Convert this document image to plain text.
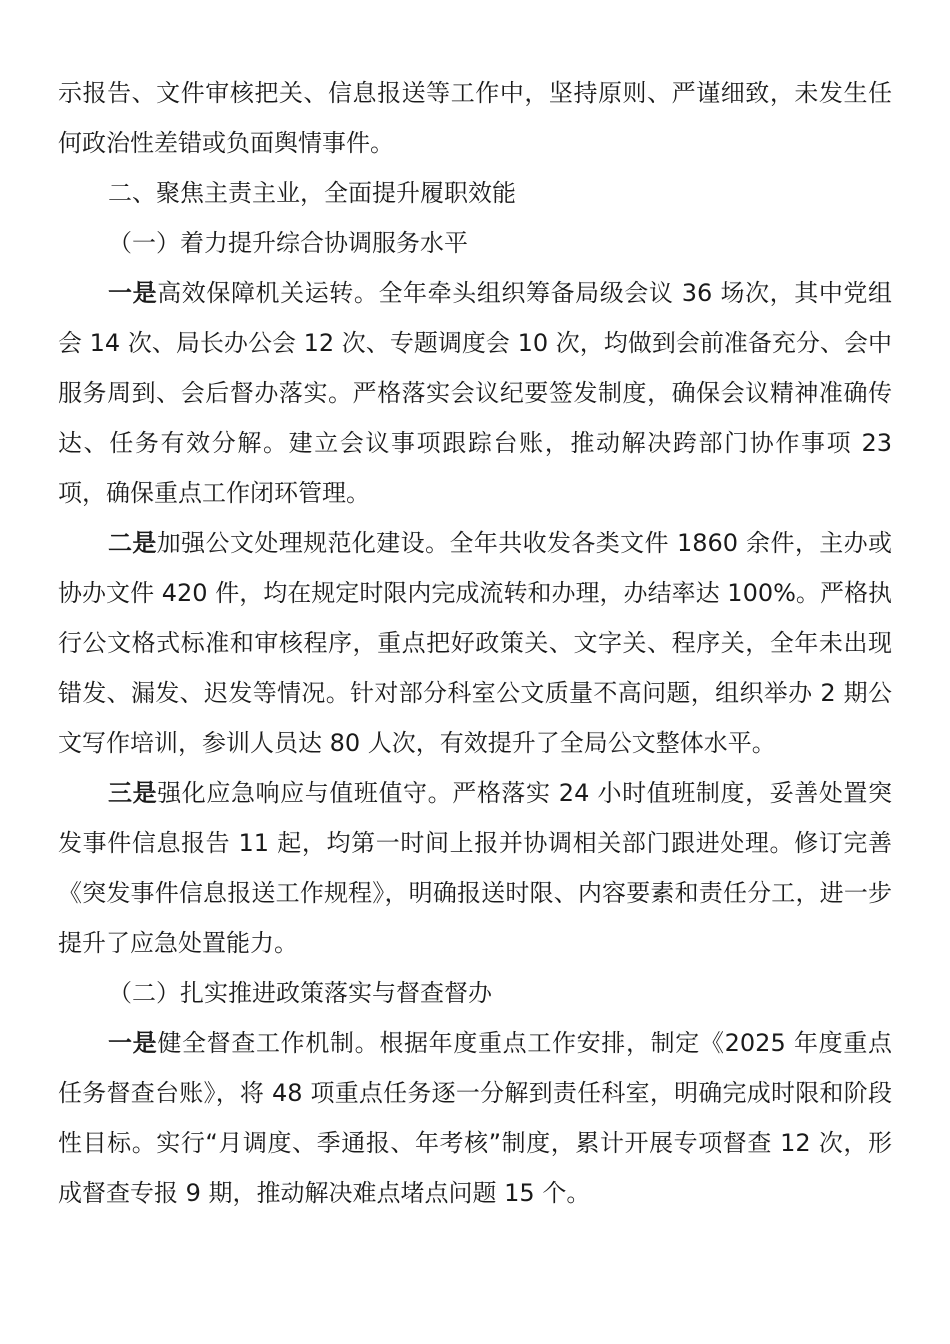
示报告、文件审核把关、信息报送等工作中，坚持原则、严谨细致，未发生任何政治性差错或负面舆情事件。

二、聚焦主责主业，全面提升履职效能

（一）着力提升综合协调服务水平

一是高效保障机关运转。全年牵头组织筹备局级会议 36 场次，其中党组会 14 次、局长办公会 12 次、专题调度会 10 次，均做到会前准备充分、会中服务周到、会后督办落实。严格落实会议纪要签发制度，确保会议精神准确传达、任务有效分解。建立会议事项跟踪台账，推动解决跨部门协作事项 23 项，确保重点工作闭环管理。

二是加强公文处理规范化建设。全年共收发各类文件 1860 余件，主办或协办文件 420 件，均在规定时限内完成流转和办理，办结率达 100%。严格执行公文格式标准和审核程序，重点把好政策关、文字关、程序关，全年未出现错发、漏发、迟发等情况。针对部分科室公文质量不高问题，组织举办 2 期公文写作培训，参训人员达 80 人次，有效提升了全局公文整体水平。

三是强化应急响应与值班值守。严格落实 24 小时值班制度，妥善处置突发事件信息报告 11 起，均第一时间上报并协调相关部门跟进处理。修订完善《突发事件信息报送工作规程》，明确报送时限、内容要素和责任分工，进一步提升了应急处置能力。

（二）扎实推进政策落实与督查督办

一是健全督查工作机制。根据年度重点工作安排，制定《2025 年度重点任务督查台账》，将 48 项重点任务逐一分解到责任科室，明确完成时限和阶段性目标。实行“月调度、季通报、年考核”制度，累计开展专项督查 12 次，形成督查专报 9 期，推动解决难点堵点问题 15 个。
